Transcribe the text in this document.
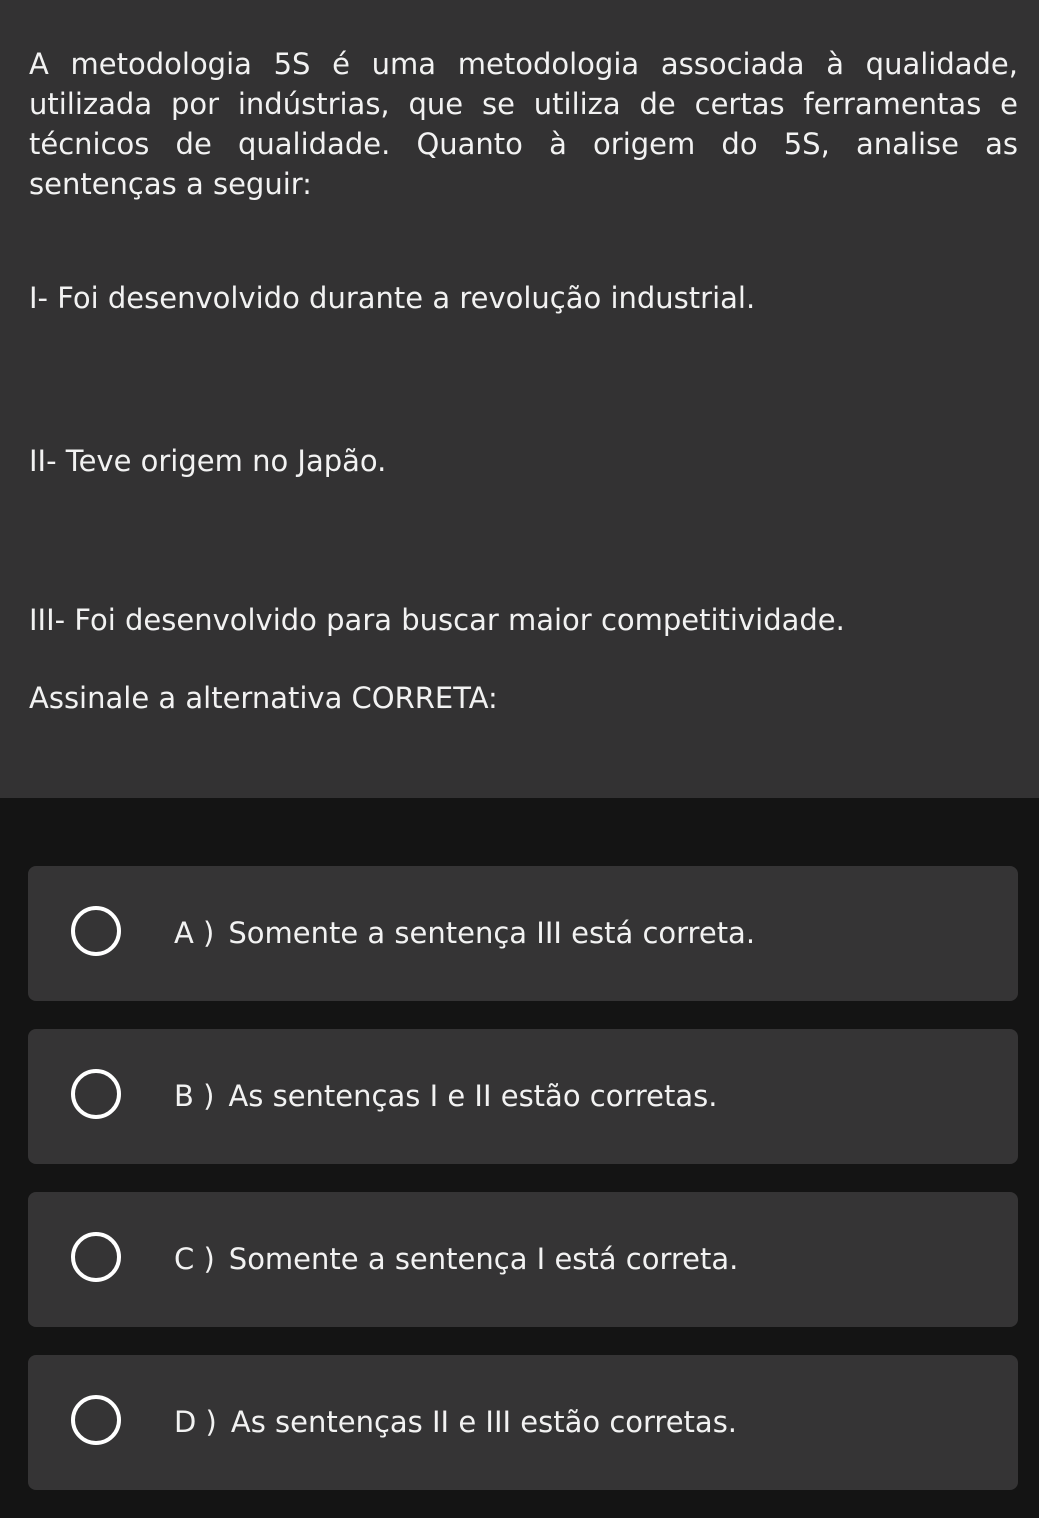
A metodologia 5S é uma metodologia associada à qualidade, utilizada por indústrias, que se utiliza de certas ferramentas e técnicos de qualidade. Quanto à origem do 5S, analise as sentenças a seguir:

I- Foi desenvolvido durante a revolução industrial.

II- Teve origem no Japão.

III- Foi desenvolvido para buscar maior competitividade.

Assinale a alternativa CORRETA:

A ) Somente a sentença III está correta.
B ) As sentenças I e II estão corretas.
C ) Somente a sentença I está correta.
D ) As sentenças II e III estão corretas.
